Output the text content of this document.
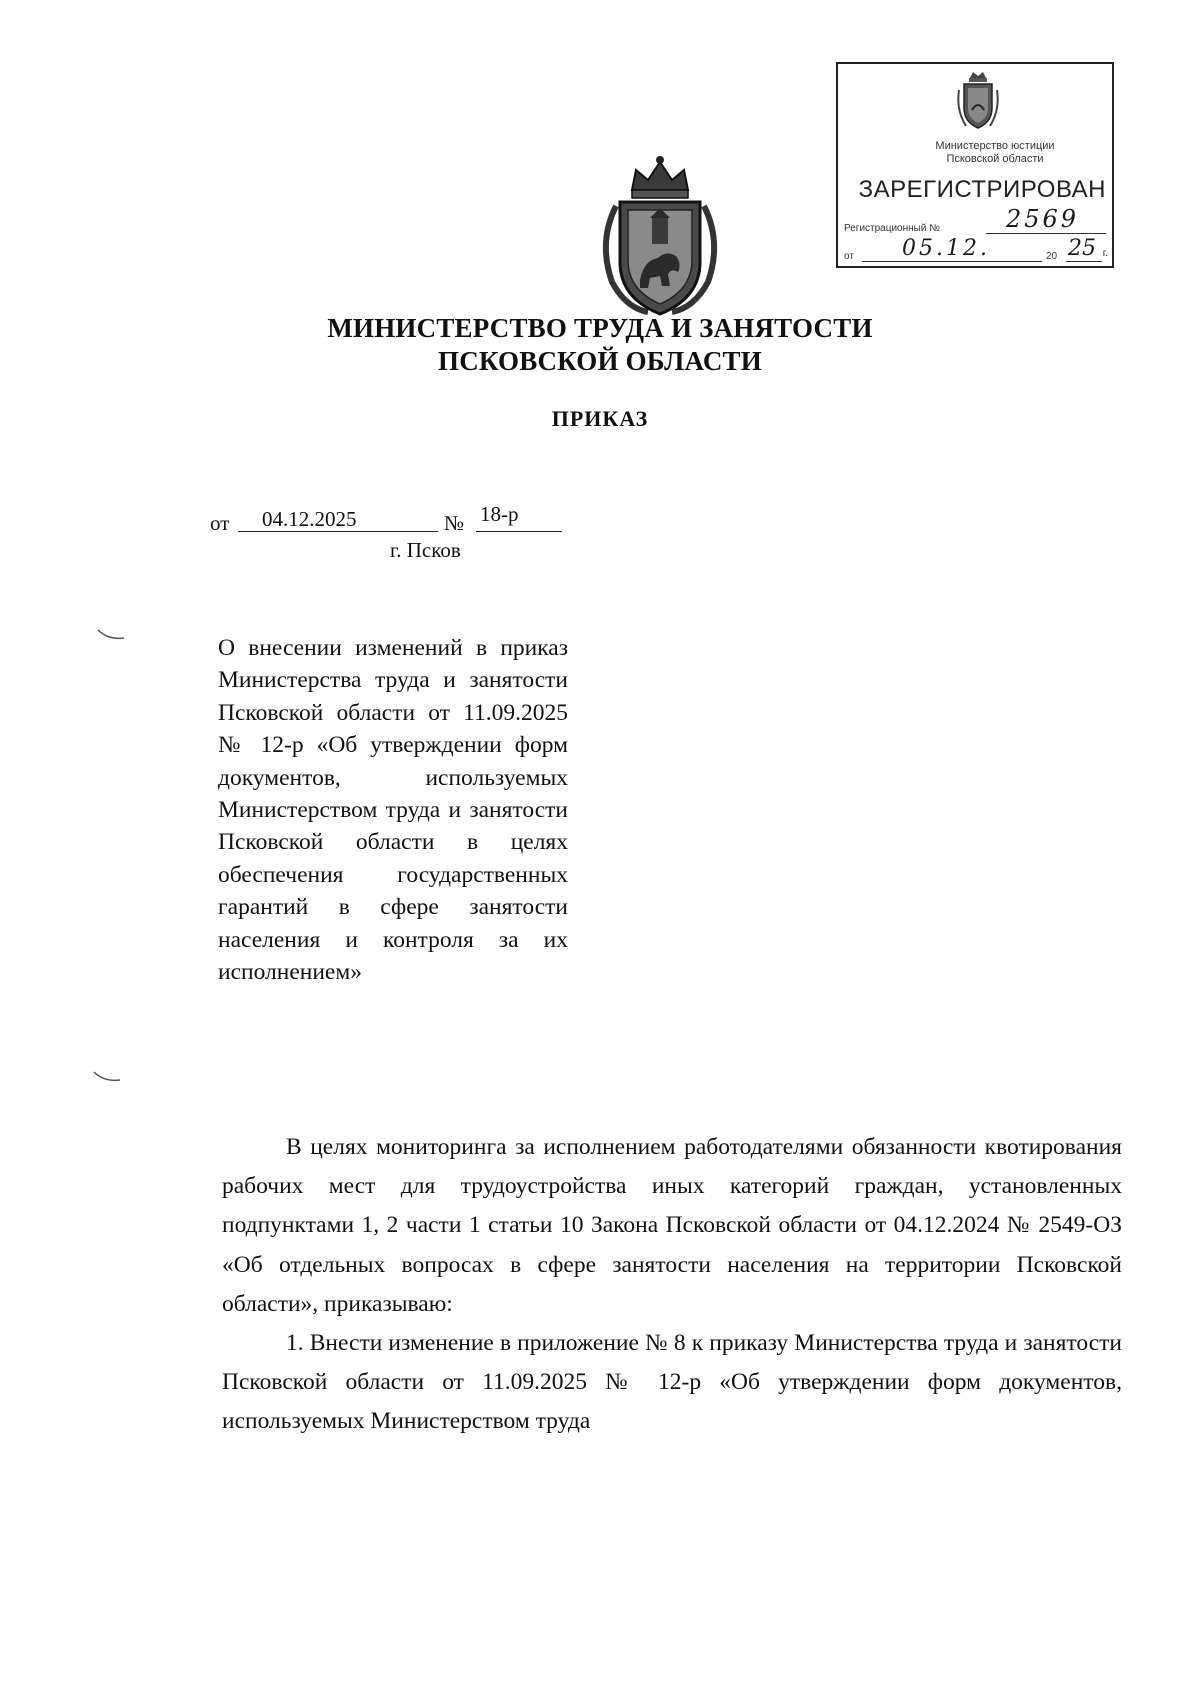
Министерство юстиции
Псковской области
ЗАРЕГИСТРИРОВАН
Регистрационный №	2569
от 05.12.	20 25 г.
МИНИСТЕРСТВО ТРУДА И ЗАНЯТОСТИ
ПСКОВСКОЙ ОБЛАСТИ
ПРИКАЗ
от 04.12.2025	№ 18-р
г. Псков
О внесении изменений в приказ Министерства труда и занятости Псковской области от 11.09.2025 № 12-р «Об утверждении форм документов, используемых Министерством труда и занятости Псковской области в целях обеспечения государственных гарантий в сфере занятости населения и контроля за их исполнением»

В целях мониторинга за исполнением работодателями обязанности квотирования рабочих мест для трудоустройства иных категорий граждан, установленных подпунктами 1, 2 части 1 статьи 10 Закона Псковской области от 04.12.2024 № 2549-ОЗ «Об отдельных вопросах в сфере занятости населения на территории Псковской области», приказываю:

1. Внести изменение в приложение № 8 к приказу Министерства труда и занятости Псковской области от 11.09.2025 № 12-р «Об утверждении форм документов, используемых Министерством труда
